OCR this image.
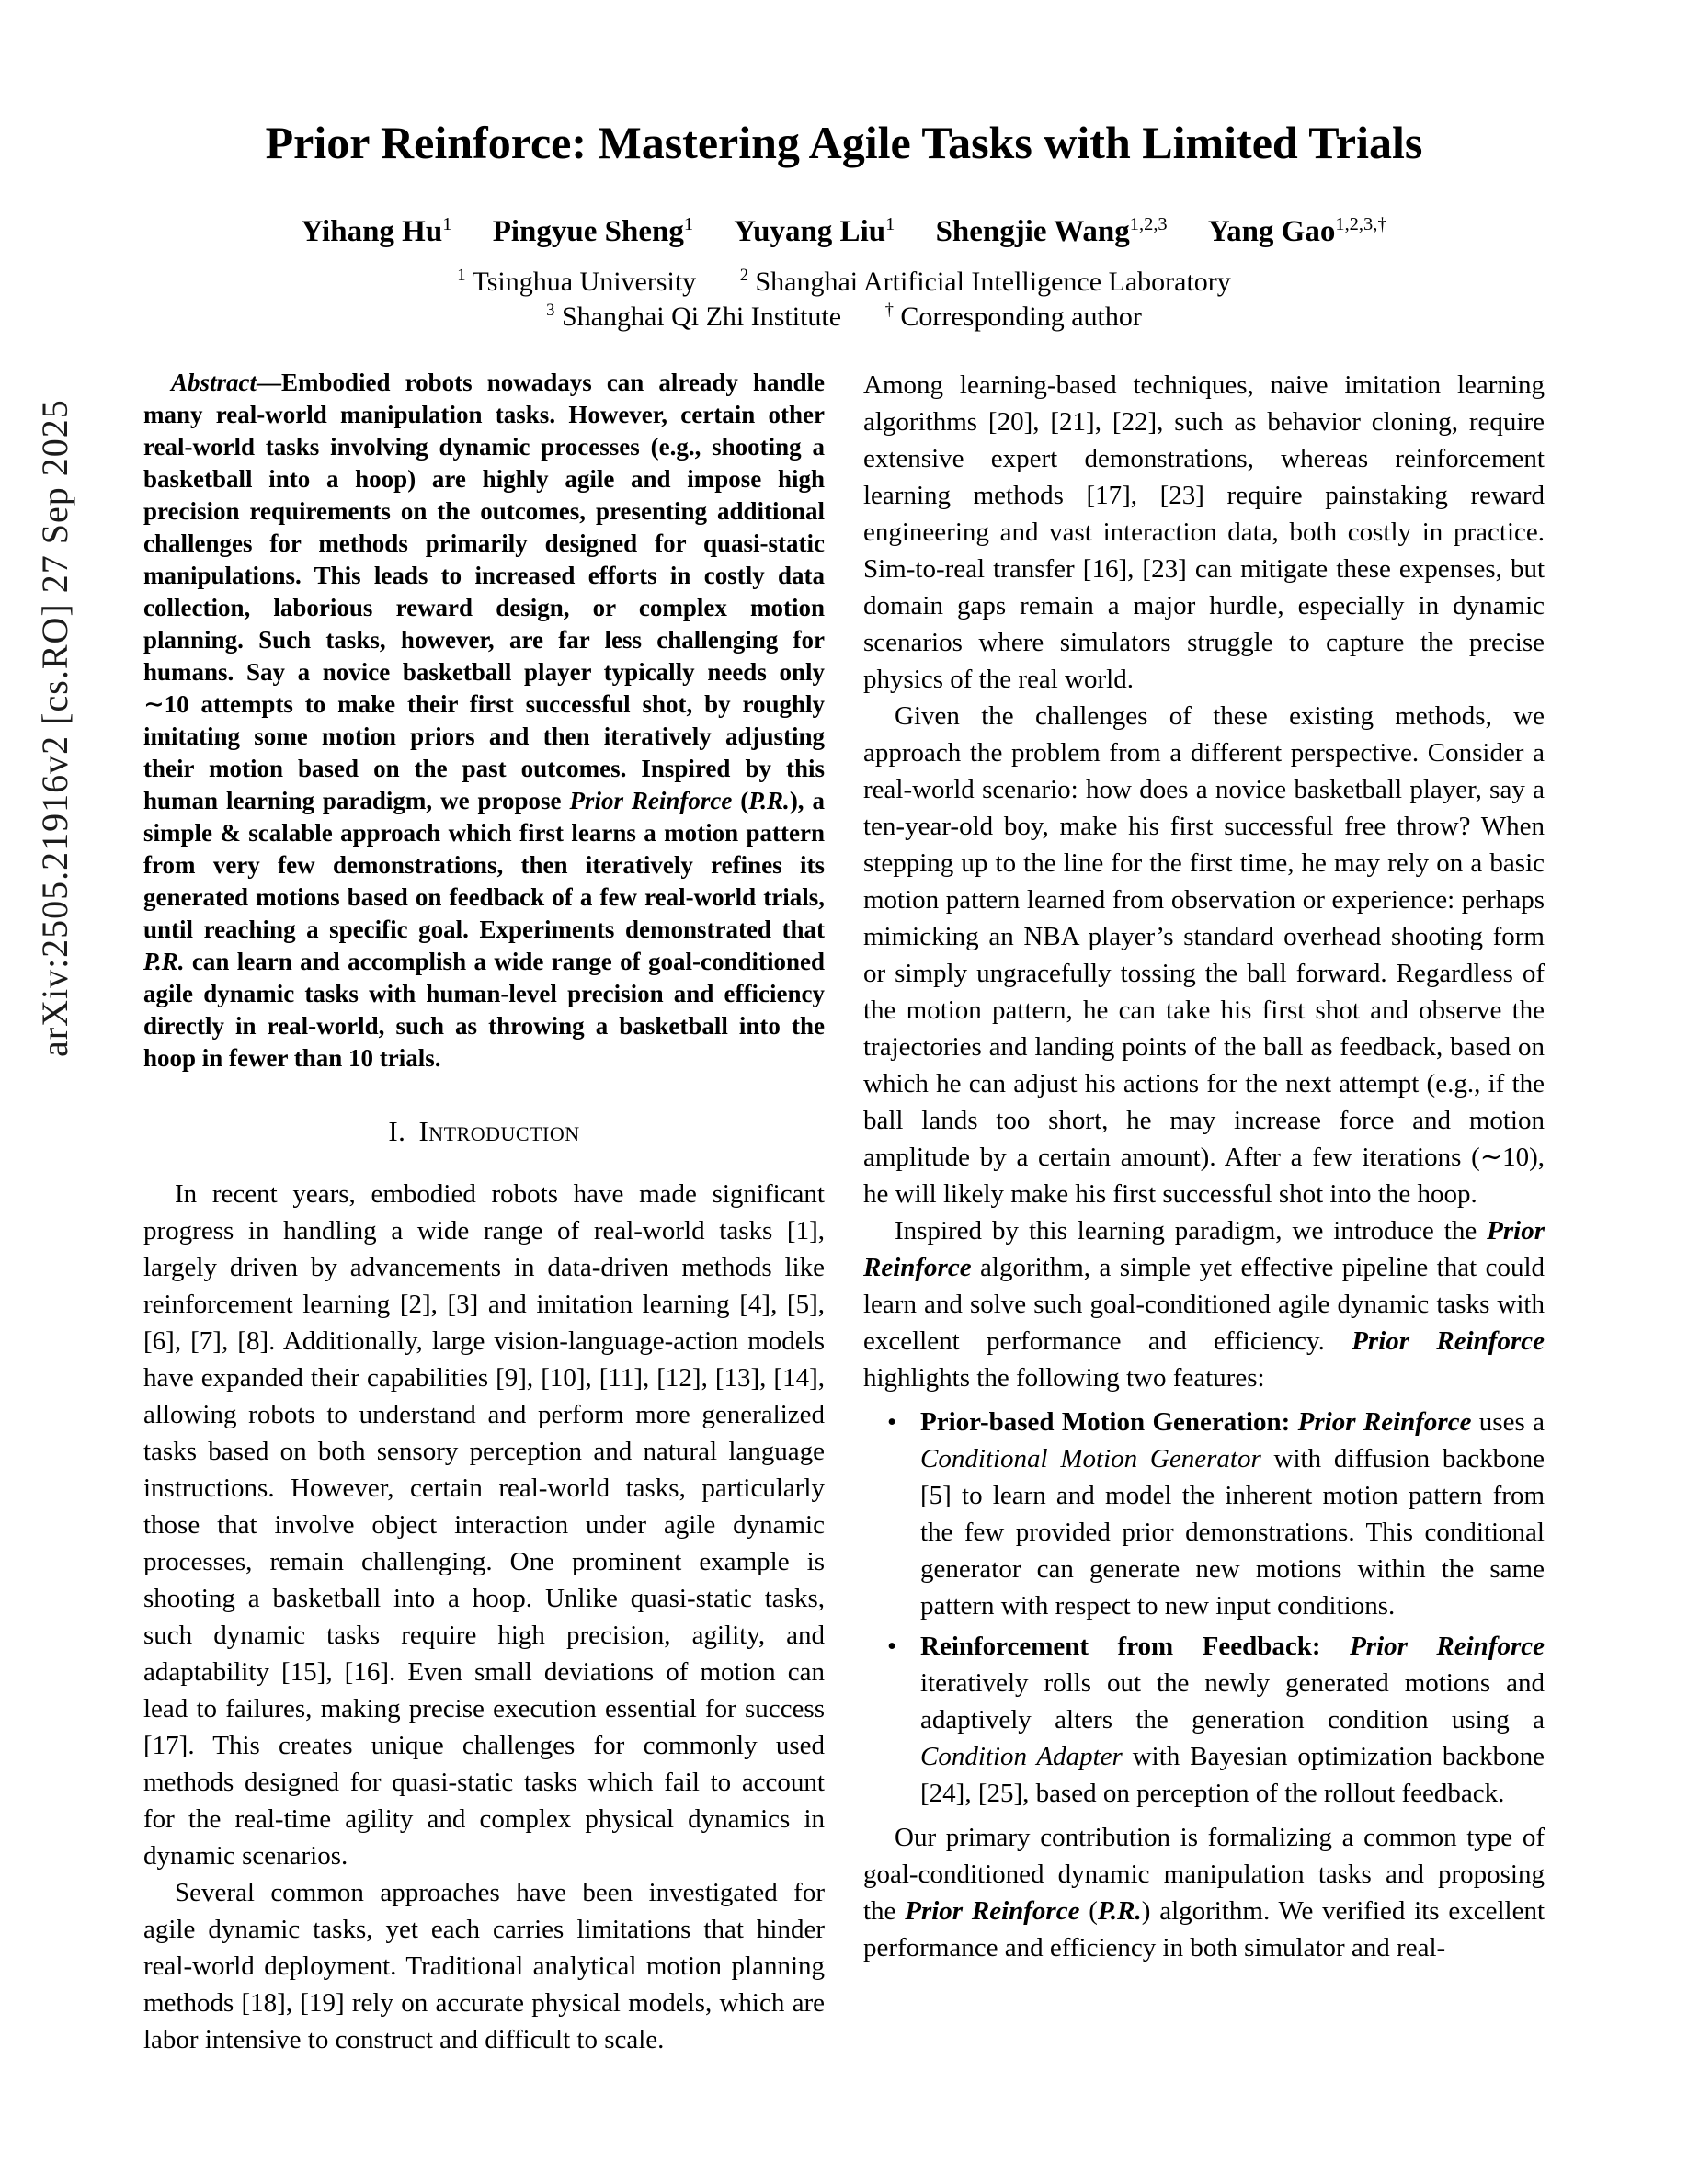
arXiv:2505.21916v2 [cs.RO] 27 Sep 2025
Prior Reinforce: Mastering Agile Tasks with Limited Trials
Yihang Hu$^1$ Pingyue Sheng$^1$ Yuyang Liu$^1$ Shengjie Wang$^{1,2,3}$ Yang Gao$^{1,2,3,\dagger}$
$^1$ Tsinghua University	$^2$ Shanghai Artificial Intelligence Laboratory
$^3$ Shanghai Qi Zhi Institute	† Corresponding author

Abstract—Embodied robots nowadays can already handle many real-world manipulation tasks. However, certain other real-world tasks involving dynamic processes (e.g., shooting a basketball into a hoop) are highly agile and impose high precision requirements on the outcomes, presenting additional challenges for methods primarily designed for quasi-static manipulations. This leads to increased efforts in costly data collection, laborious reward design, or complex motion planning. Such tasks, however, are far less challenging for humans. Say a novice basketball player typically needs only ∼10 attempts to make their first successful shot, by roughly imitating some motion priors and then iteratively adjusting their motion based on the past outcomes. Inspired by this human learning paradigm, we propose Prior Reinforce (P.R.), a simple & scalable approach which first learns a motion pattern from very few demonstrations, then iteratively refines its generated motions based on feedback of a few real-world trials, until reaching a specific goal. Experiments demonstrated that P.R. can learn and accomplish a wide range of goal-conditioned agile dynamic tasks with human-level precision and efficiency directly in real-world, such as throwing a basketball into the hoop in fewer than 10 trials.

I. Introduction

In recent years, embodied robots have made significant progress in handling a wide range of real-world tasks [1], largely driven by advancements in data-driven methods like reinforcement learning [2], [3] and imitation learning [4], [5], [6], [7], [8]. Additionally, large vision-language-action models have expanded their capabilities [9], [10], [11], [12], [13], [14], allowing robots to understand and perform more generalized tasks based on both sensory perception and natural language instructions. However, certain real-world tasks, particularly those that involve object interaction under agile dynamic processes, remain challenging. One prominent example is shooting a basketball into a hoop. Unlike quasi-static tasks, such dynamic tasks require high precision, agility, and adaptability [15], [16]. Even small deviations of motion can lead to failures, making precise execution essential for success [17]. This creates unique challenges for commonly used methods designed for quasi-static tasks which fail to account for the real-time agility and complex physical dynamics in dynamic scenarios.

Several common approaches have been investigated for agile dynamic tasks, yet each carries limitations that hinder real-world deployment. Traditional analytical motion planning methods [18], [19] rely on accurate physical models, which are labor intensive to construct and difficult to scale.

Among learning-based techniques, naive imitation learning algorithms [20], [21], [22], such as behavior cloning, require extensive expert demonstrations, whereas reinforcement learning methods [17], [23] require painstaking reward engineering and vast interaction data, both costly in practice. Sim-to-real transfer [16], [23] can mitigate these expenses, but domain gaps remain a major hurdle, especially in dynamic scenarios where simulators struggle to capture the precise physics of the real world.

Given the challenges of these existing methods, we approach the problem from a different perspective. Consider a real-world scenario: how does a novice basketball player, say a ten-year-old boy, make his first successful free throw? When stepping up to the line for the first time, he may rely on a basic motion pattern learned from observation or experience: perhaps mimicking an NBA player’s standard overhead shooting form or simply ungracefully tossing the ball forward. Regardless of the motion pattern, he can take his first shot and observe the trajectories and landing points of the ball as feedback, based on which he can adjust his actions for the next attempt (e.g., if the ball lands too short, he may increase force and motion amplitude by a certain amount). After a few iterations (∼10), he will likely make his first successful shot into the hoop.

Inspired by this learning paradigm, we introduce the Prior Reinforce algorithm, a simple yet effective pipeline that could learn and solve such goal-conditioned agile dynamic tasks with excellent performance and efficiency. Prior Reinforce highlights the following two features:

• Prior-based Motion Generation: Prior Reinforce uses a Conditional Motion Generator with diffusion backbone [5] to learn and model the inherent motion pattern from the few provided prior demonstrations. This conditional generator can generate new motions within the same pattern with respect to new input conditions.
• Reinforcement from Feedback: Prior Reinforce iteratively rolls out the newly generated motions and adaptively alters the generation condition using a Condition Adapter with Bayesian optimization backbone [24], [25], based on perception of the rollout feedback.

Our primary contribution is formalizing a common type of goal-conditioned dynamic manipulation tasks and proposing the Prior Reinforce (P.R.) algorithm. We verified its excellent performance and efficiency in both simulator and real-
